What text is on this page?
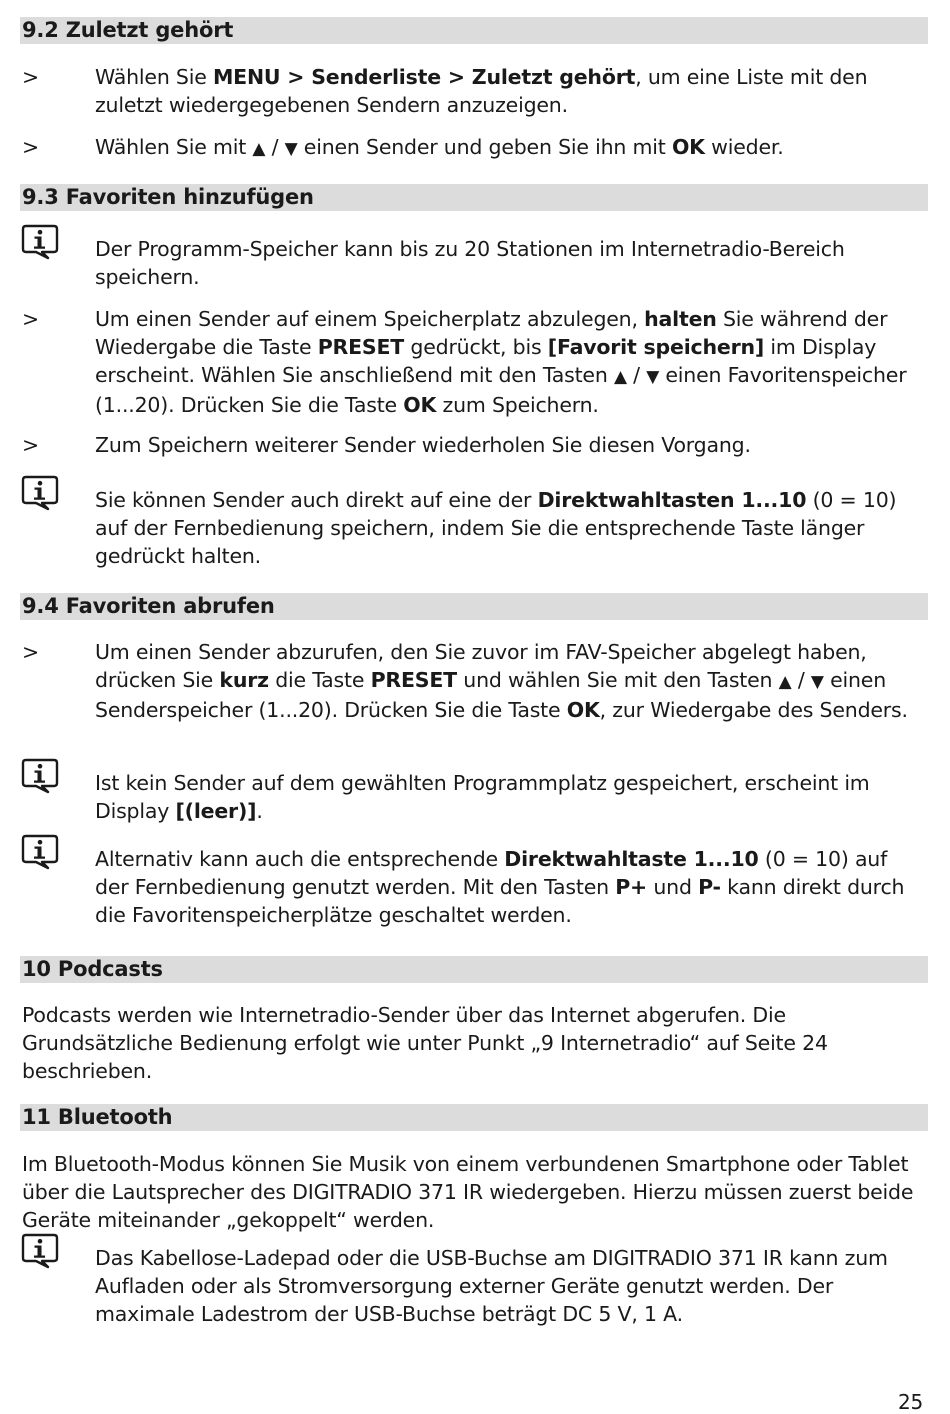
9.2 Zuletzt gehört
>	Wählen Sie MENU > Senderliste > Zuletzt gehört, um eine Liste mit den zuletzt wiedergegebenen Sendern anzuzeigen.
>	Wählen Sie mit ▲ / ▼ einen Sender und geben Sie ihn mit OK wieder.
9.3 Favoriten hinzufügen
Der Programm-Speicher kann bis zu 20 Stationen im Internetradio-Bereich speichern.
>	Um einen Sender auf einem Speicherplatz abzulegen, halten Sie während der Wiedergabe die Taste PRESET gedrückt, bis [Favorit speichern] im Display erscheint. Wählen Sie anschließend mit den Tasten ▲ / ▼ einen Favoritenspeicher (1...20). Drücken Sie die Taste OK zum Speichern.
>	Zum Speichern weiterer Sender wiederholen Sie diesen Vorgang.
Sie können Sender auch direkt auf eine der Direktwahltasten 1...10 (0 = 10) auf der Fernbedienung speichern, indem Sie die entsprechende Taste länger gedrückt halten.
9.4 Favoriten abrufen
>	Um einen Sender abzurufen, den Sie zuvor im FAV-Speicher abgelegt haben, drücken Sie kurz die Taste PRESET und wählen Sie mit den Tasten ▲ / ▼ einen Senderspeicher (1...20). Drücken Sie die Taste OK, zur Wiedergabe des Senders.
Ist kein Sender auf dem gewählten Programmplatz gespeichert, erscheint im Display [(leer)].
Alternativ kann auch die entsprechende Direktwahltaste 1...10 (0 = 10) auf der Fernbedienung genutzt werden. Mit den Tasten P+ und P- kann direkt durch die Favoritenspeicherplätze geschaltet werden.
10 Podcasts
Podcasts werden wie Internetradio-Sender über das Internet abgerufen. Die Grundsätzliche Bedienung erfolgt wie unter Punkt „9 Internetradio“ auf Seite 24 beschrieben.
11 Bluetooth
Im Bluetooth-Modus können Sie Musik von einem verbundenen Smartphone oder Tablet über die Lautsprecher des DIGITRADIO 371 IR wiedergeben. Hierzu müssen zuerst beide Geräte miteinander „gekoppelt“ werden.
Das Kabellose-Ladepad oder die USB-Buchse am DIGITRADIO 371 IR kann zum Aufladen oder als Stromversorgung externer Geräte genutzt werden. Der maximale Ladestrom der USB-Buchse beträgt DC 5 V, 1 A.
25
